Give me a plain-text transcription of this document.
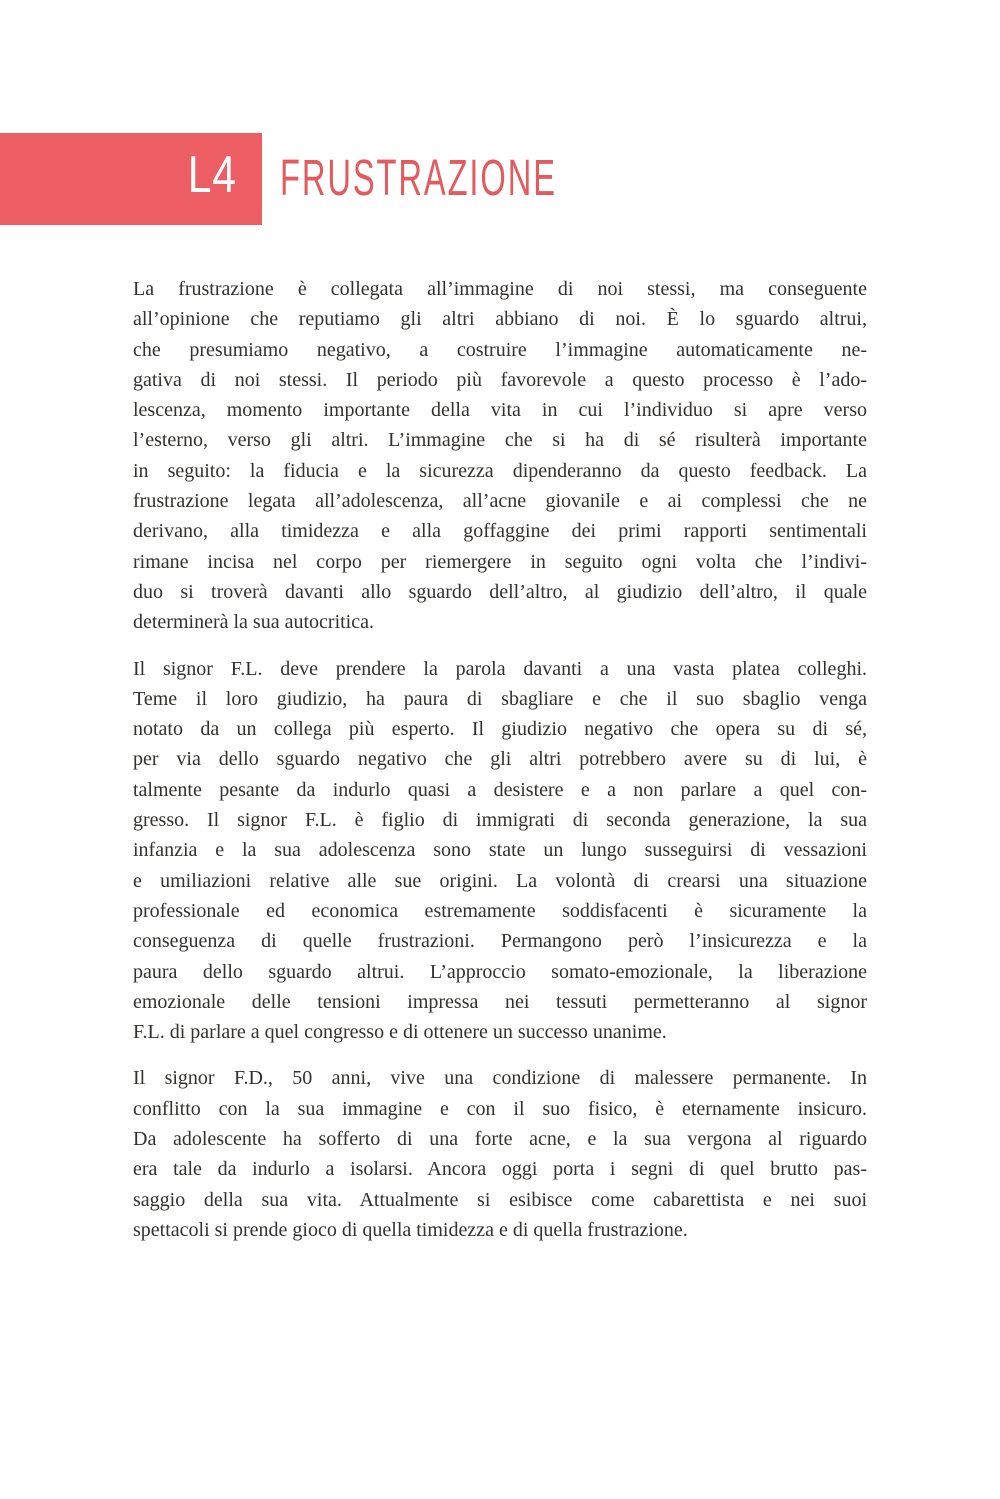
L4 FRUSTRAZIONE
La frustrazione è collegata all’immagine di noi stessi, ma conseguente
all’opinione che reputiamo gli altri abbiano di noi. È lo sguardo altrui,
che presumiamo negativo, a costruire l’immagine automaticamente ne-
gativa di noi stessi. Il periodo più favorevole a questo processo è l’ado-
lescenza, momento importante della vita in cui l’individuo si apre verso
l’esterno, verso gli altri. L’immagine che si ha di sé risulterà importante
in seguito: la fiducia e la sicurezza dipenderanno da questo feedback. La
frustrazione legata all’adolescenza, all’acne giovanile e ai complessi che ne
derivano, alla timidezza e alla goffaggine dei primi rapporti sentimentali
rimane incisa nel corpo per riemergere in seguito ogni volta che l’indivi-
duo si troverà davanti allo sguardo dell’altro, al giudizio dell’altro, il quale
determinerà la sua autocritica.
Il signor F.L. deve prendere la parola davanti a una vasta platea colleghi.
Teme il loro giudizio, ha paura di sbagliare e che il suo sbaglio venga
notato da un collega più esperto. Il giudizio negativo che opera su di sé,
per via dello sguardo negativo che gli altri potrebbero avere su di lui, è
talmente pesante da indurlo quasi a desistere e a non parlare a quel con-
gresso. Il signor F.L. è figlio di immigrati di seconda generazione, la sua
infanzia e la sua adolescenza sono state un lungo susseguirsi di vessazioni
e umiliazioni relative alle sue origini. La volontà di crearsi una situazione
professionale ed economica estremamente soddisfacenti è sicuramente la
conseguenza di quelle frustrazioni. Permangono però l’insicurezza e la
paura dello sguardo altrui. L’approccio somato-emozionale, la liberazione
emozionale delle tensioni impressa nei tessuti permetteranno al signor
F.L. di parlare a quel congresso e di ottenere un successo unanime.
Il signor F.D., 50 anni, vive una condizione di malessere permanente. In
conflitto con la sua immagine e con il suo fisico, è eternamente insicuro.
Da adolescente ha sofferto di una forte acne, e la sua vergona al riguardo
era tale da indurlo a isolarsi. Ancora oggi porta i segni di quel brutto pas-
saggio della sua vita. Attualmente si esibisce come cabarettista e nei suoi
spettacoli si prende gioco di quella timidezza e di quella frustrazione.
